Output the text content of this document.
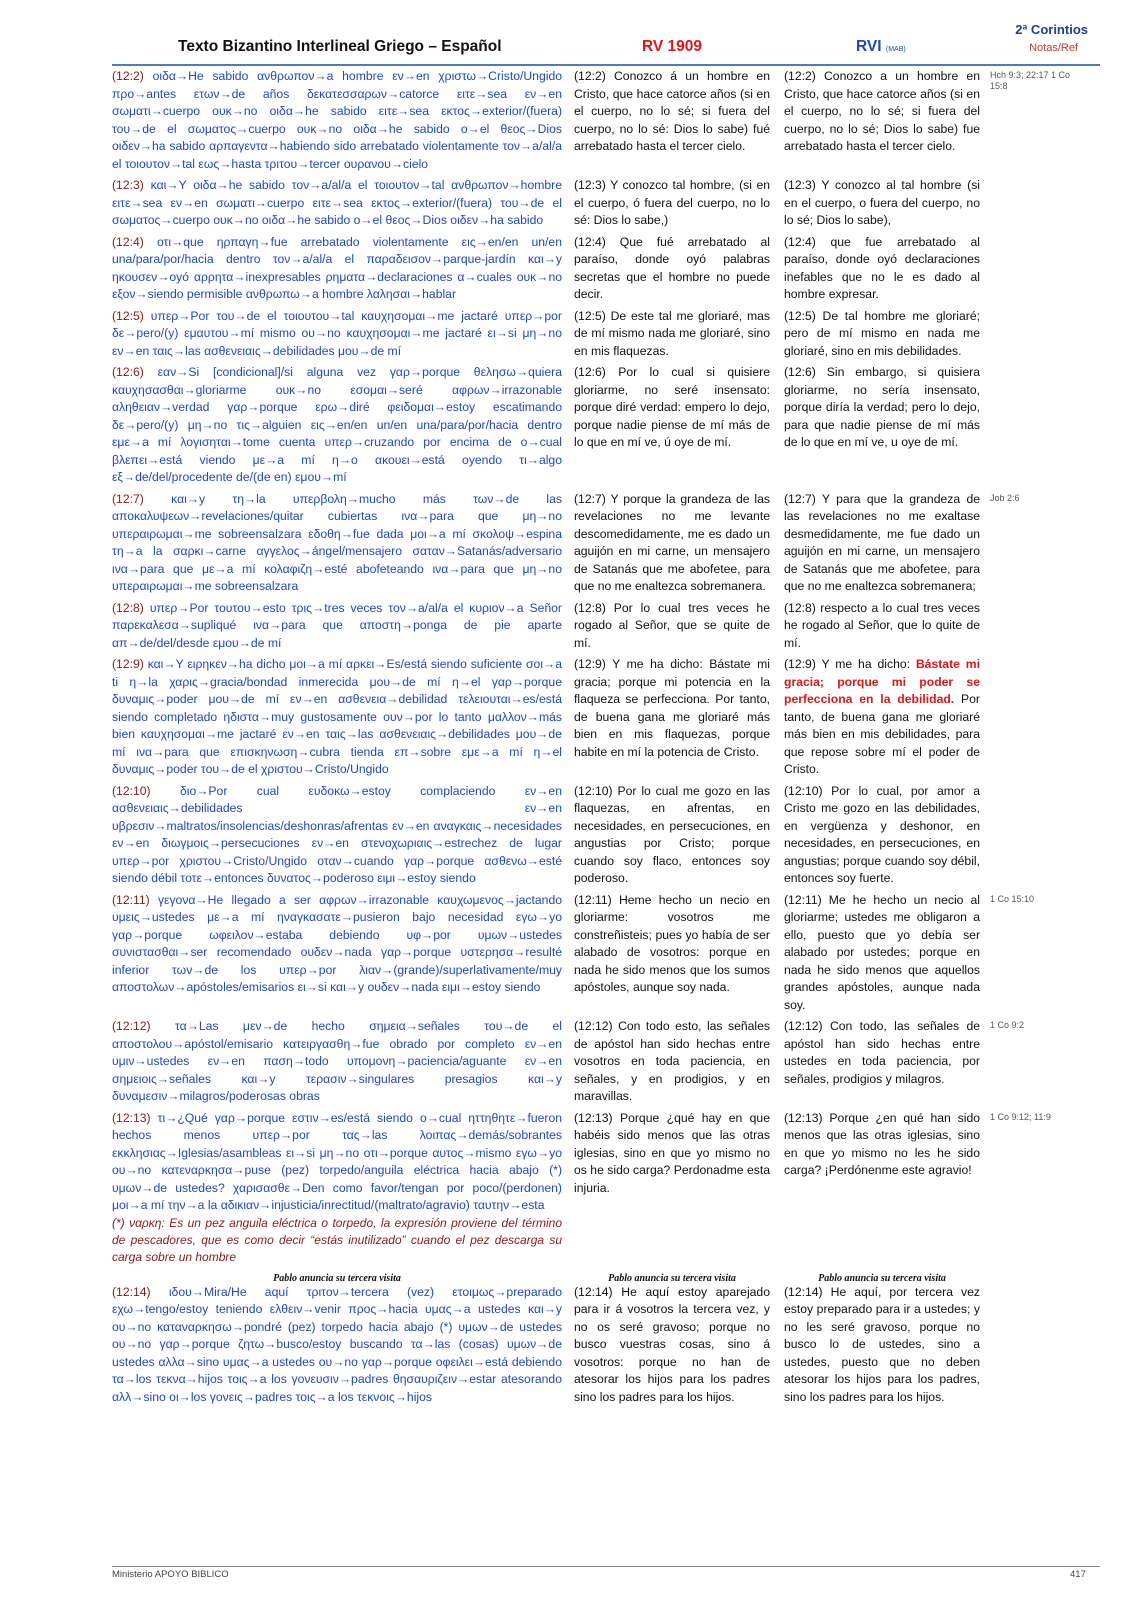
Texto Bizantino Interlineal Griego – Español	RV 1909	RVI (MAB)
2ª Corintios
Notas/Ref
(12:2) οιδα→He sabido ανθρωπον→a hombre εν→en χριστω→Cristo/Ungido προ→antes ετων→de años δεκατεσσαρων→catorce ειτε→sea εν→en σωματι→cuerpo ουκ→no οιδα→he sabido ειτε→sea εκτος→exterior/(fuera) του→de el σωματος→cuerpo ουκ→no οιδα→he sabido ο→el θεος→Dios οιδεν→ha sabido αρπαγεντα→habiendo sido arrebatado violentamente τον→a/al/a el τοιουτον→tal εως→hasta τριτου→tercer ουρανου→cielo
(12:2) Conozco á un hombre en Cristo, que hace catorce años (si en el cuerpo, no lo sé; si fuera del cuerpo, no lo sé: Dios lo sabe) fué arrebatado hasta el tercer cielo.
(12:2) Conozco a un hombre en Cristo, que hace catorce años (si en el cuerpo, no lo sé; si fuera del cuerpo, no lo sé; Dios lo sabe) fue arrebatado hasta el tercer cielo.
Hch 9:3; 22:17 1 Co 15:8
(12:3) και→Y οιδα→he sabido τον→a/al/a el τοιουτον→tal ανθρωπον→hombre ειτε→sea εν→en σωματι→cuerpo ειτε→sea εκτος→exterior/(fuera) του→de el σωματος→cuerpo ουκ→no οιδα→he sabido ο→el θεος→Dios οιδεν→ha sabido
(12:3) Y conozco tal hombre, (si en el cuerpo, ó fuera del cuerpo, no lo sé: Dios lo sabe,)
(12:3) Y conozco al tal hombre (si en el cuerpo, o fuera del cuerpo, no lo sé; Dios lo sabe),
(12:4) οτι→que ηρπαγη→fue arrebatado violentamente εις→en/en un/en una/para/por/hacia dentro τον→a/al/a el παραδεισον→parque-jardín και→y ηκουσεν→oyó αρρητα→inexpresables ρηματα→declaraciones α→cuales ουκ→no εξον→siendo permisible ανθρωπω→a hombre λαλησαι→hablar
(12:4) Que fué arrebatado al paraíso, donde oyó palabras secretas que el hombre no puede decir.
(12:4) que fue arrebatado al paraíso, donde oyó declaraciones inefables que no le es dado al hombre expresar.
(12:5) υπερ→Por του→de el τοιουτου→tal καυχησομαι→me jactaré υπερ→por δε→pero/(y) εμαυτου→mí mismo ου→no καυχησομαι→me jactaré ει→si μη→no εν→en ταις→las ασθενειαις→debilidades μου→de mí
(12:5) De este tal me gloriaré, mas de mí mismo nada me gloriaré, sino en mis flaquezas.
(12:5) De tal hombre me gloriaré; pero de mí mismo en nada me gloriaré, sino en mis debilidades.
(12:6) εαν→Si [condicional]/si alguna vez γαρ→porque θελησω→quiera καυχησασθαι→gloriarme ουκ→no εσομαι→seré αφρων→irrazonable αληθειαν→verdad γαρ→porque ερω→diré φειδομαι→estoy escatimando δε→pero/(y) μη→no τις→alguien εις→en/en un/en una/para/por/hacia dentro εμε→a mí λογισηται→tome cuenta υπερ→cruzando por encima de ο→cual βλεπει→está viendo με→a mí η→o ακουει→está oyendo τι→algo εξ→de/del/procedente de/(de en) εμου→mí
(12:6) Por lo cual si quisiere gloriarme, no seré insensato: porque diré verdad: empero lo dejo, porque nadie piense de mí más de lo que en mí ve, ú oye de mí.
(12:6) Sin embargo, si quisiera gloriarme, no sería insensato, porque diría la verdad; pero lo dejo, para que nadie piense de mí más de lo que en mí ve, u oye de mí.
(12:7) και→y τη→la υπερβολη→mucho más των→de las αποκαλυψεων→revelaciones/quitar cubiertas ινα→para que μη→no υπεραιρωμαι→me sobreensalzara εδοθη→fue dada μοι→a mí σκολοψ→espina τη→a la σαρκι→carne αγγελος→ángel/mensajero σαταν→Satanás/adversario ινα→para que με→a mí κολαφιζη→esté abofeteando ινα→para que μη→no υπεραιρωμαι→me sobreensalzara
(12:7) Y porque la grandeza de las revelaciones no me levante descomedidamente, me es dado un aguijón en mi carne, un mensajero de Satanás que me abofetee, para que no me enaltezca sobremanera.
(12:7) Y para que la grandeza de las revelaciones no me exaltase desmedidamente, me fue dado un aguijón en mi carne, un mensajero de Satanás que me abofetee, para que no me enaltezca sobremanera;
Job 2:6
(12:8) υπερ→Por τουτου→esto τρις→tres veces τον→a/al/a el κυριον→a Señor παρεκαλεσα→supliqué ινα→para que αποστη→ponga de pie aparte απ→de/del/desde εμου→de mí
(12:8) Por lo cual tres veces he rogado al Señor, que se quite de mí.
(12:8) respecto a lo cual tres veces he rogado al Señor, que lo quite de mí.
(12:9) και→Y ειρηκεν→ha dicho μοι→a mí αρκει→Es/está siendo suficiente σοι→a ti η→la χαρις→gracia/bondad inmerecida μου→de mí η→el γαρ→porque δυναμις→poder μου→de mí εν→en ασθενεια→debilidad τελειουται→es/está siendo completado ηδιστα→muy gustosamente ουν→por lo tanto μαλλον→más bien καυχησομαι→me jactaré εν→en ταις→las ασθενειαις→debilidades μου→de mí ινα→para que επισκηνωση→cubra tienda επ→sobre εμε→a mí η→el δυναμις→poder του→de el χριστου→Cristo/Ungido
(12:9) Y me ha dicho: Bástate mi gracia; porque mi potencia en la flaqueza se perfecciona. Por tanto, de buena gana me gloriaré más bien en mis flaquezas, porque habite en mí la potencia de Cristo.
(12:9) Y me ha dicho: Bástate mi gracia; porque mi poder se perfecciona en la debilidad. Por tanto, de buena gana me gloriaré más bien en mis debilidades, para que repose sobre mí el poder de Cristo.
(12:10) διο→Por cual ευδοκω→estoy complaciendo εν→en ασθενειαις→debilidades εν→en υβρεσιν→maltratos/insolencias/deshonras/afrentas εν→en αναγκαις→necesidades εν→en διωγμοις→persecuciones εν→en στενοχωριαις→estrechez de lugar υπερ→por χριστου→Cristo/Ungido οταν→cuando γαρ→porque ασθενω→esté siendo débil τοτε→entonces δυνατος→poderoso ειμι→estoy siendo
(12:10) Por lo cual me gozo en las flaquezas, en afrentas, en necesidades, en persecuciones, en angustias por Cristo; porque cuando soy flaco, entonces soy poderoso.
(12:10) Por lo cual, por amor a Cristo me gozo en las debilidades, en vergüenza y deshonor, en necesidades, en persecuciones, en angustias; porque cuando soy débil, entonces soy fuerte.
(12:11) γεγονα→He llegado a ser αφρων→irrazonable καυχωμενος→jactando υμεις→ustedes με→a mí ηναγκασατε→pusieron bajo necesidad εγω→yo γαρ→porque ωφειλον→estaba debiendo υφ→por υμων→ustedes συνιστασθαι→ser recomendado ουδεν→nada γαρ→porque υστερησα→resulté inferior των→de los υπερ→por λιαν→(grande)/superlativamente/muy αποστολων→apóstoles/emisarios ει→si και→y ουδεν→nada ειμι→estoy siendo
(12:11) Heme hecho un necio en gloriarme: vosotros me constreñisteis; pues yo había de ser alabado de vosotros: porque en nada he sido menos que los sumos apóstoles, aunque soy nada.
(12:11) Me he hecho un necio al gloriarme; ustedes me obligaron a ello, puesto que yo debía ser alabado por ustedes; porque en nada he sido menos que aquellos grandes apóstoles, aunque nada soy.
1 Co 15:10
(12:12) τα→Las μεν→de hecho σημεια→señales του→de el αποστολου→apóstol/emisario κατειργασθη→fue obrado por completo εν→en υμιν→ustedes εν→en παση→todo υπομονη→paciencia/aguante εν→en σημειοις→señales και→y τερασιν→singulares presagios και→y δυναμεσιν→milagros/poderosas obras
(12:12) Con todo esto, las señales de apóstol han sido hechas entre vosotros en toda paciencia, en señales, y en prodigios, y en maravillas.
(12:12) Con todo, las señales de apóstol han sido hechas entre ustedes en toda paciencia, por señales, prodigios y milagros.
1 Co 9:2
(12:13) τι→¿Qué γαρ→porque εστιν→es/está siendo ο→cual ηττηθητε→fueron hechos menos υπερ→por τας→las λοιπας→demás/sobrantes εκκλησιας→Iglesias/asambleas ει→si μη→no οτι→porque αυτος→mismo εγω→yo ου→no κατεναρκησα→puse (pez) torpedo/anguila eléctrica hacia abajo (*) υμων→de ustedes? χαρισασθε→Den como favor/tengan por poco/(perdonen) μοι→a mí την→a la αδικιαν→injusticia/inrectitud/(maltrato/agravio) ταυτην→esta
(*) ναρκη: Es un pez anguila eléctrica o torpedo, la expresión proviene del término de pescadores, que es como decir “estás inutilizado” cuando el pez descarga su carga sobre un hombre
(12:13) Porque ¿qué hay en que habéis sido menos que las otras iglesias, sino en que yo mismo no os he sido carga? Perdonadme esta injuria.
(12:13) Porque ¿en qué han sido menos que las otras iglesias, sino en que yo mismo no les he sido carga? ¡Perdónenme este agravio!
1 Co 9:12; 11:9
Pablo anuncia su tercera visita	Pablo anuncia su tercera visita	Pablo anuncia su tercera visita
(12:14) ιδου→Mira/He aquí τριτον→tercera (vez) ετοιμως→preparado εχω→tengo/estoy teniendo ελθειν→venir προς→hacia υμας→a ustedes και→y ου→no καταναρκησω→pondré (pez) torpedo hacia abajo (*) υμων→de ustedes ου→no γαρ→porque ζητω→busco/estoy buscando τα→las (cosas) υμων→de ustedes αλλα→sino υμας→a ustedes ου→no γαρ→porque οφειλει→está debiendo τα→los τεκνα→hijos τοις→a los γονευσιν→padres θησαυριζειν→estar atesorando αλλ→sino οι→los γονεις→padres τοις→a los τεκνοις→hijos
(12:14) He aquí estoy aparejado para ir á vosotros la tercera vez, y no os seré gravoso; porque no busco vuestras cosas, sino á vosotros: porque no han de atesorar los hijos para los padres sino los padres para los hijos.
(12:14) He aquí, por tercera vez estoy preparado para ir a ustedes; y no les seré gravoso, porque no busco lo de ustedes, sino a ustedes, puesto que no deben atesorar los hijos para los padres, sino los padres para los hijos.
Ministerio APOYO BIBLICO	417
